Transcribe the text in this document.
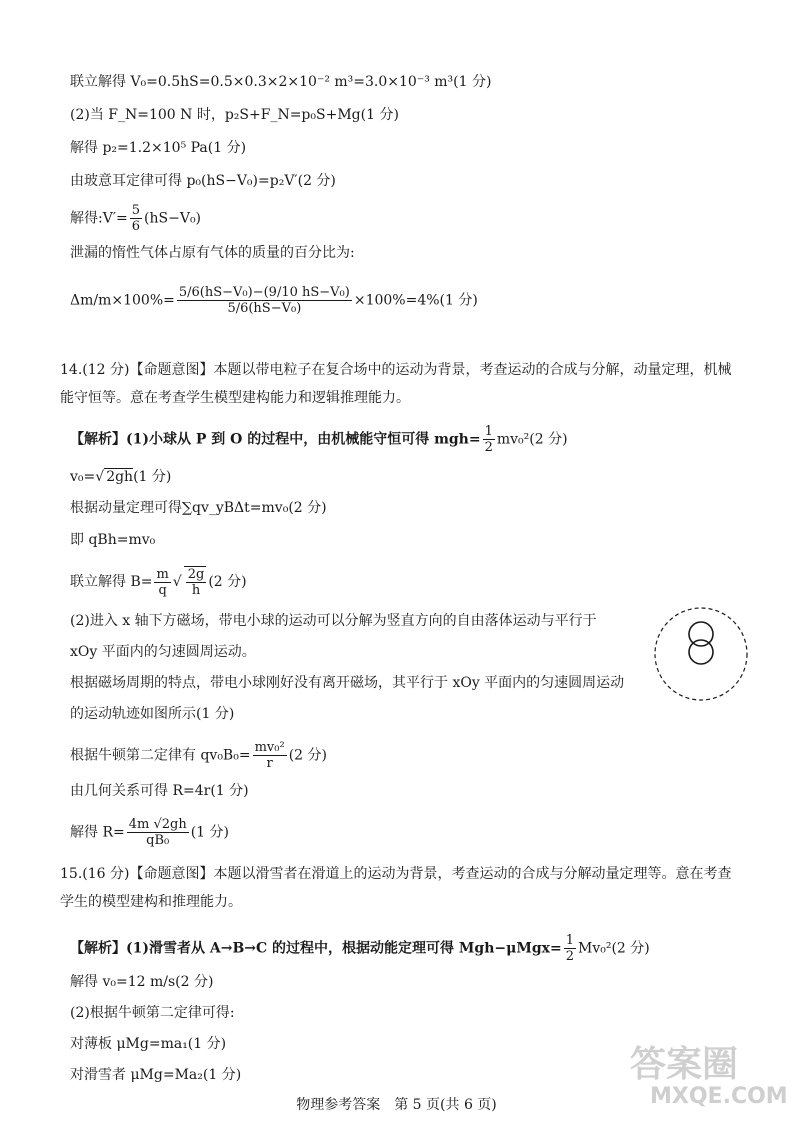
联立解得 V₀=0.5hS=0.5×0.3×2×10⁻² m³=3.0×10⁻³ m³(1 分)
(2)当 F_N=100 N 时，p₂S+F_N=p₀S+Mg(1 分)
解得 p₂=1.2×10⁵ Pa(1 分)
由玻意耳定律可得 p₀(hS−V₀)=p₂V′(2 分)
解得:V′= $\frac{5}{6} (hS-V_0)$
泄漏的惰性气体占原有气体的质量的百分比为:
$\Delta m/m\times 100\%= \frac{\text{5/6(hS−V₀)−(9/10 hS−V₀)}}{\text{5/6(hS−V₀)}} \times 100\%=4\%(1$ 分)
14.(12 分)【命题意图】本题以带电粒子在复合场中的运动为背景，考查运动的合成与分解，动量定理，机械能守恒等。意在考查学生模型建构能力和逻辑推理能力。
【解析】(1)小球从 P 到 O 的过程中，由机械能守恒可得 $mgh= \frac{1}{2} mv_0^2(2$ 分)
v₀=√ 2gh(1 分)
根据动量定理可得∑qv_yBΔt=mv₀(2 分)
即 qBh=mv₀
联立解得 $B= \frac{m}{q}$ √ $\frac{2g}{h} (2$ 分)
(2)进入 x 轴下方磁场，带电小球的运动可以分解为竖直方向的自由落体运动与平行于
xOy 平面内的匀速圆周运动。
根据磁场周期的特点，带电小球刚好没有离开磁场，其平行于 xOy 平面内的匀速圆周运动
的运动轨迹如图所示(1 分)
根据牛顿第二定律有 $qv_0B_0= \frac{\text{mv₀²}}{r} (2$ 分)
由几何关系可得 R=4r(1 分)
解得 $R= \frac{4m √2gh}{\text{qB₀}} (1$ 分)
15.(16 分)【命题意图】本题以滑雪者在滑道上的运动为背景，考查运动的合成与分解动量定理等。意在考查学生的模型建构和推理能力。
【解析】(1)滑雪者从 A→B→C 的过程中，根据动能定理可得 $Mgh-\mu Mgx= \frac{1}{2} Mv_0^2(2$ 分)
解得 v₀=12 m/s(2 分)
(2)根据牛顿第二定律可得:
对薄板 μMg=ma₁(1 分)
对滑雪者 μMg=Ma₂(1 分)
物理参考答案　第 5 页(共 6 页)
答案圈
MXQE.COM
